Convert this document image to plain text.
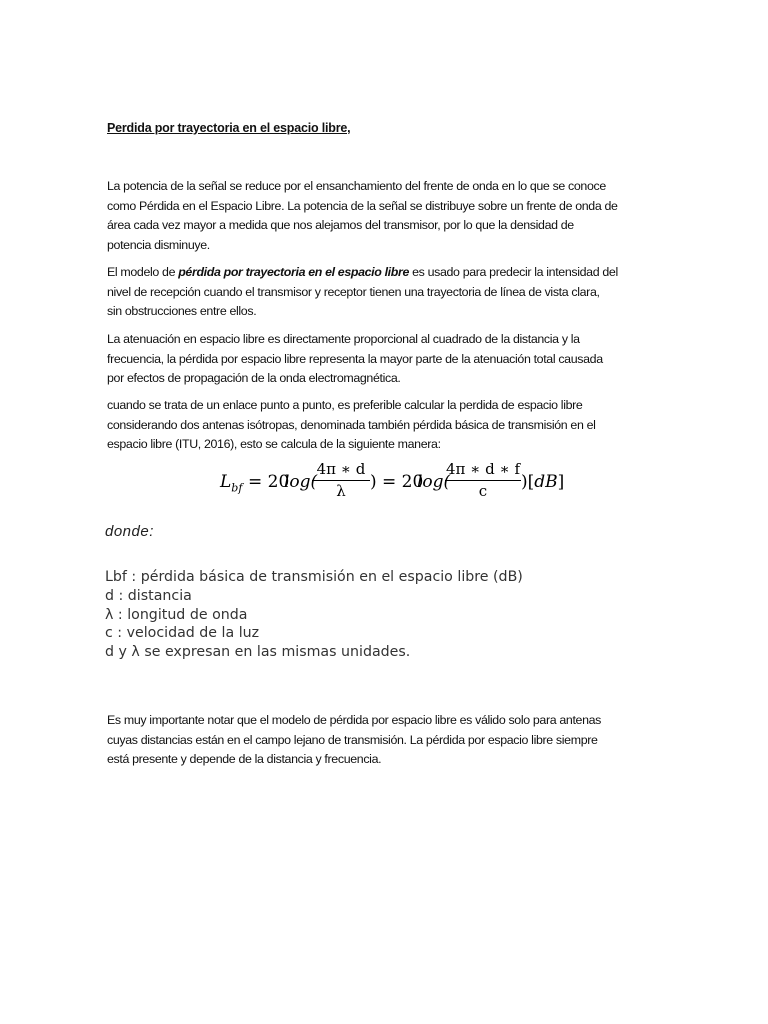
Perdida por trayectoria en el espacio libre,

La potencia de la señal se reduce por el ensanchamiento del frente de onda en lo que se conoce
como Pérdida en el Espacio Libre. La potencia de la señal se distribuye sobre un frente de onda de
área cada vez mayor a medida que nos alejamos del transmisor, por lo que la densidad de
potencia disminuye.

El modelo de pérdida por trayectoria en el espacio libre es usado para predecir la intensidad del
nivel de recepción cuando el transmisor y receptor tienen una trayectoria de línea de vista clara,
sin obstrucciones entre ellos.

La atenuación en espacio libre es directamente proporcional al cuadrado de la distancia y la
frecuencia, la pérdida por espacio libre representa la mayor parte de la atenuación total causada
por efectos de propagación de la onda electromagnética.

cuando se trata de un enlace punto a punto, es preferible calcular la perdida de espacio libre
considerando dos antenas isótropas, denominada también pérdida básica de transmisión en el
espacio libre (ITU, 2016), esto se calcula de la siguiente manera:

$L_{bf} = 20$
log(
4π ∗ d
λ	) = 20
log(
4π ∗ d ∗ f
c	)[dB]
donde:
Lbf : pérdida básica de transmisión en el espacio libre (dB)
d : distancia
λ : longitud de onda
c : velocidad de la luz
d y λ se expresan en las mismas unidades.

Es muy importante notar que el modelo de pérdida por espacio libre es válido solo para antenas
cuyas distancias están en el campo lejano de transmisión. La pérdida por espacio libre siempre
está presente y depende de la distancia y frecuencia.
